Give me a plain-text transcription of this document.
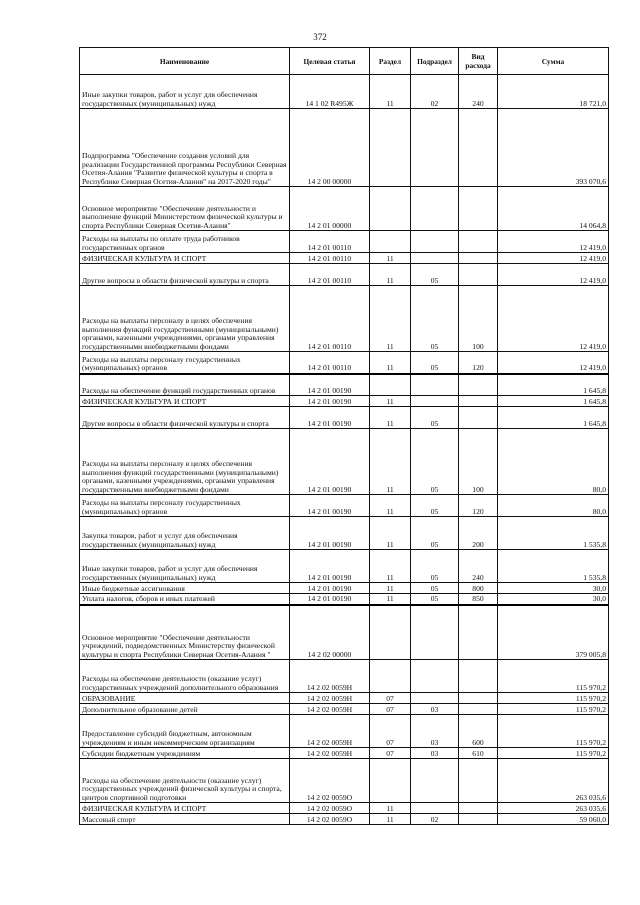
372
Наименование	Целевая статья	Раздел	Подраздел	Вид расхода	Сумма
Иные закупки товаров, работ и услуг для обеспечения государственных (муниципальных) нужд	14 1 02 R495Ж	11	02	240	18 721,0
Подпрограмма "Обеспечение создания условий для реализации Государственной программы Республики Северная Осетия-Алания "Развитие физической культуры и спорта в Республике Северная Осетия-Алания" на 2017-2020 годы"	14 2 00 00000				393 070,6
Основное мероприятие "Обеспечение деятельности и выполнение функций Министерством физической культуры и спорта Республики Северная Осетия-Алания"	14 2 01 00000				14 064,8
Расходы на выплаты по оплате труда работников государственных органов	14 2 01 00110				12 419,0
ФИЗИЧЕСКАЯ КУЛЬТУРА И СПОРТ	14 2 01 00110	11			12 419,0
Другие вопросы в области физической культуры и спорта	14 2 01 00110	11	05		12 419,0
Расходы на выплаты персоналу в целях обеспечения выполнения функций государственными (муниципальными) органами, казенными учреждениями, органами управления государственными внебюджетными фондами	14 2 01 00110	11	05	100	12 419,0
Расходы на выплаты персоналу государственных (муниципальных) органов	14 2 01 00110	11	05	120	12 419,0
Расходы на обеспечение функций государственных органов	14 2 01 00190				1 645,8
ФИЗИЧЕСКАЯ КУЛЬТУРА И СПОРТ	14 2 01 00190	11			1 645,8
Другие вопросы в области физической культуры и спорта	14 2 01 00190	11	05		1 645,8
Расходы на выплаты персоналу в целях обеспечения выполнения функций государственными (муниципальными) органами, казенными учреждениями, органами управления государственными внебюджетными фондами	14 2 01 00190	11	05	100	80,0
Расходы на выплаты персоналу государственных (муниципальных) органов	14 2 01 00190	11	05	120	80,0
Закупка товаров, работ и услуг для обеспечения государственных (муниципальных) нужд	14 2 01 00190	11	05	200	1 535,8
Иные закупки товаров, работ и услуг для обеспечения государственных (муниципальных) нужд	14 2 01 00190	11	05	240	1 535,8
Иные бюджетные ассигнования	14 2 01 00190	11	05	800	30,0
Уплата налогов, сборов и иных платежей	14 2 01 00190	11	05	850	30,0
Основное мероприятие "Обеспечение деятельности учреждений, подведомственных Министерству физической культуры и спорта Республики Северная Осетия-Алания "	14 2 02 00000				379 005,8
Расходы на обеспечение деятельности (оказание услуг) государственных учреждений дополнительного образования	14 2 02 0059Н				115 970,2
ОБРАЗОВАНИЕ	14 2 02 0059Н	07			115 970,2
Дополнительное образование детей	14 2 02 0059Н	07	03		115 970,2
Предоставление субсидий бюджетным, автономным учреждениям и иным некоммерческим организациям	14 2 02 0059Н	07	03	600	115 970,2
Субсидии бюджетным учреждениям	14 2 02 0059Н	07	03	610	115 970,2
Расходы на обеспечение деятельности (оказание услуг) государственных учреждений физической культуры и спорта, центров спортивной подготовки	14 2 02 0059О				263 035,6
ФИЗИЧЕСКАЯ КУЛЬТУРА И СПОРТ	14 2 02 0059О	11			263 035,6
Массовый спорт	14 2 02 0059О	11	02		59 060,0
